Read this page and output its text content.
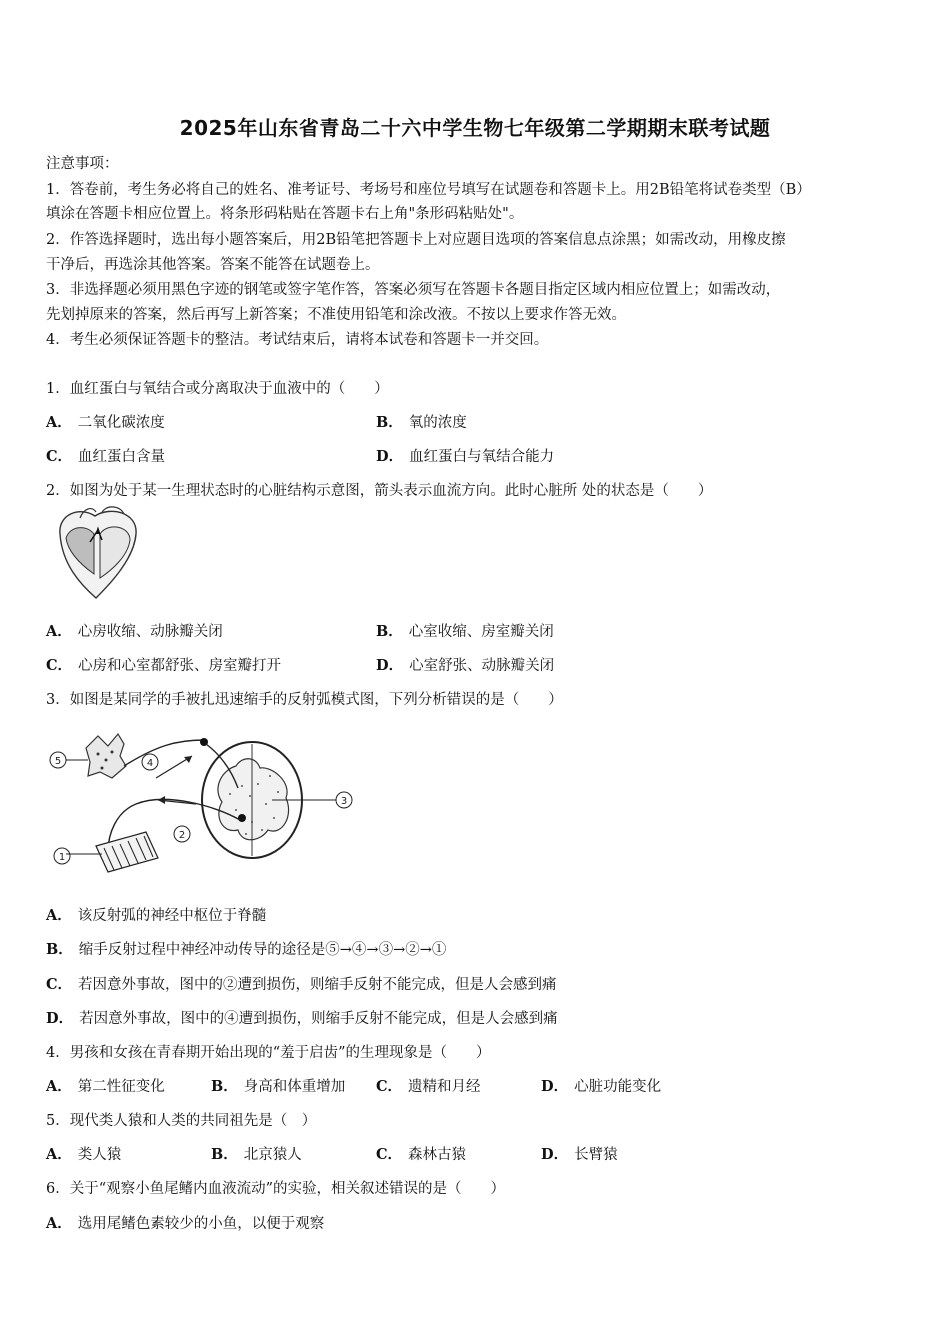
2025年山东省青岛二十六中学生物七年级第二学期期末联考试题
注意事项：
1．答卷前，考生务必将自己的姓名、准考证号、考场号和座位号填写在试题卷和答题卡上。用2B铅笔将试卷类型（B）
填涂在答题卡相应位置上。将条形码粘贴在答题卡右上角"条形码粘贴处"。
2．作答选择题时，选出每小题答案后，用2B铅笔把答题卡上对应题目选项的答案信息点涂黑；如需改动，用橡皮擦
干净后，再选涂其他答案。答案不能答在试题卷上。
3．非选择题必须用黑色字迹的钢笔或签字笔作答，答案必须写在答题卡各题目指定区域内相应位置上；如需改动，
先划掉原来的答案，然后再写上新答案；不准使用铅笔和涂改液。不按以上要求作答无效。
4．考生必须保证答题卡的整洁。考试结束后，请将本试卷和答题卡一并交回。
1．血红蛋白与氧结合或分离取决于血液中的（　　）
A． 二氧化碳浓度	B． 氧的浓度
C． 血红蛋白含量	D． 血红蛋白与氧结合能力
2．如图为处于某一生理状态时的心脏结构示意图，箭头表示血流方向。此时心脏所 处的状态是（　　）
A． 心房收缩、动脉瓣关闭	B． 心室收缩、房室瓣关闭
C． 心房和心室都舒张、房室瓣打开	D． 心室舒张、动脉瓣关闭
3．如图是某同学的手被扎迅速缩手的反射弧模式图，下列分析错误的是（　　）
5	4
3
2
1
A． 该反射弧的神经中枢位于脊髓
B． 缩手反射过程中神经冲动传导的途径是⑤→④→③→②→①
C． 若因意外事故，图中的②遭到损伤，则缩手反射不能完成，但是人会感到痛
D． 若因意外事故，图中的④遭到损伤，则缩手反射不能完成，但是人会感到痛
4．男孩和女孩在青春期开始出现的“羞于启齿”的生理现象是（　　）
A． 第二性征变化	B． 身高和体重增加 C． 遗精和月经	D． 心脏功能变化
5．现代类人猿和人类的共同祖先是（　）
A． 类人猿	B． 北京猿人	C． 森林古猿	D． 长臂猿
6．关于“观察小鱼尾鳍内血液流动”的实验，相关叙述错误的是（　　）
A． 选用尾鳍色素较少的小鱼，以便于观察
